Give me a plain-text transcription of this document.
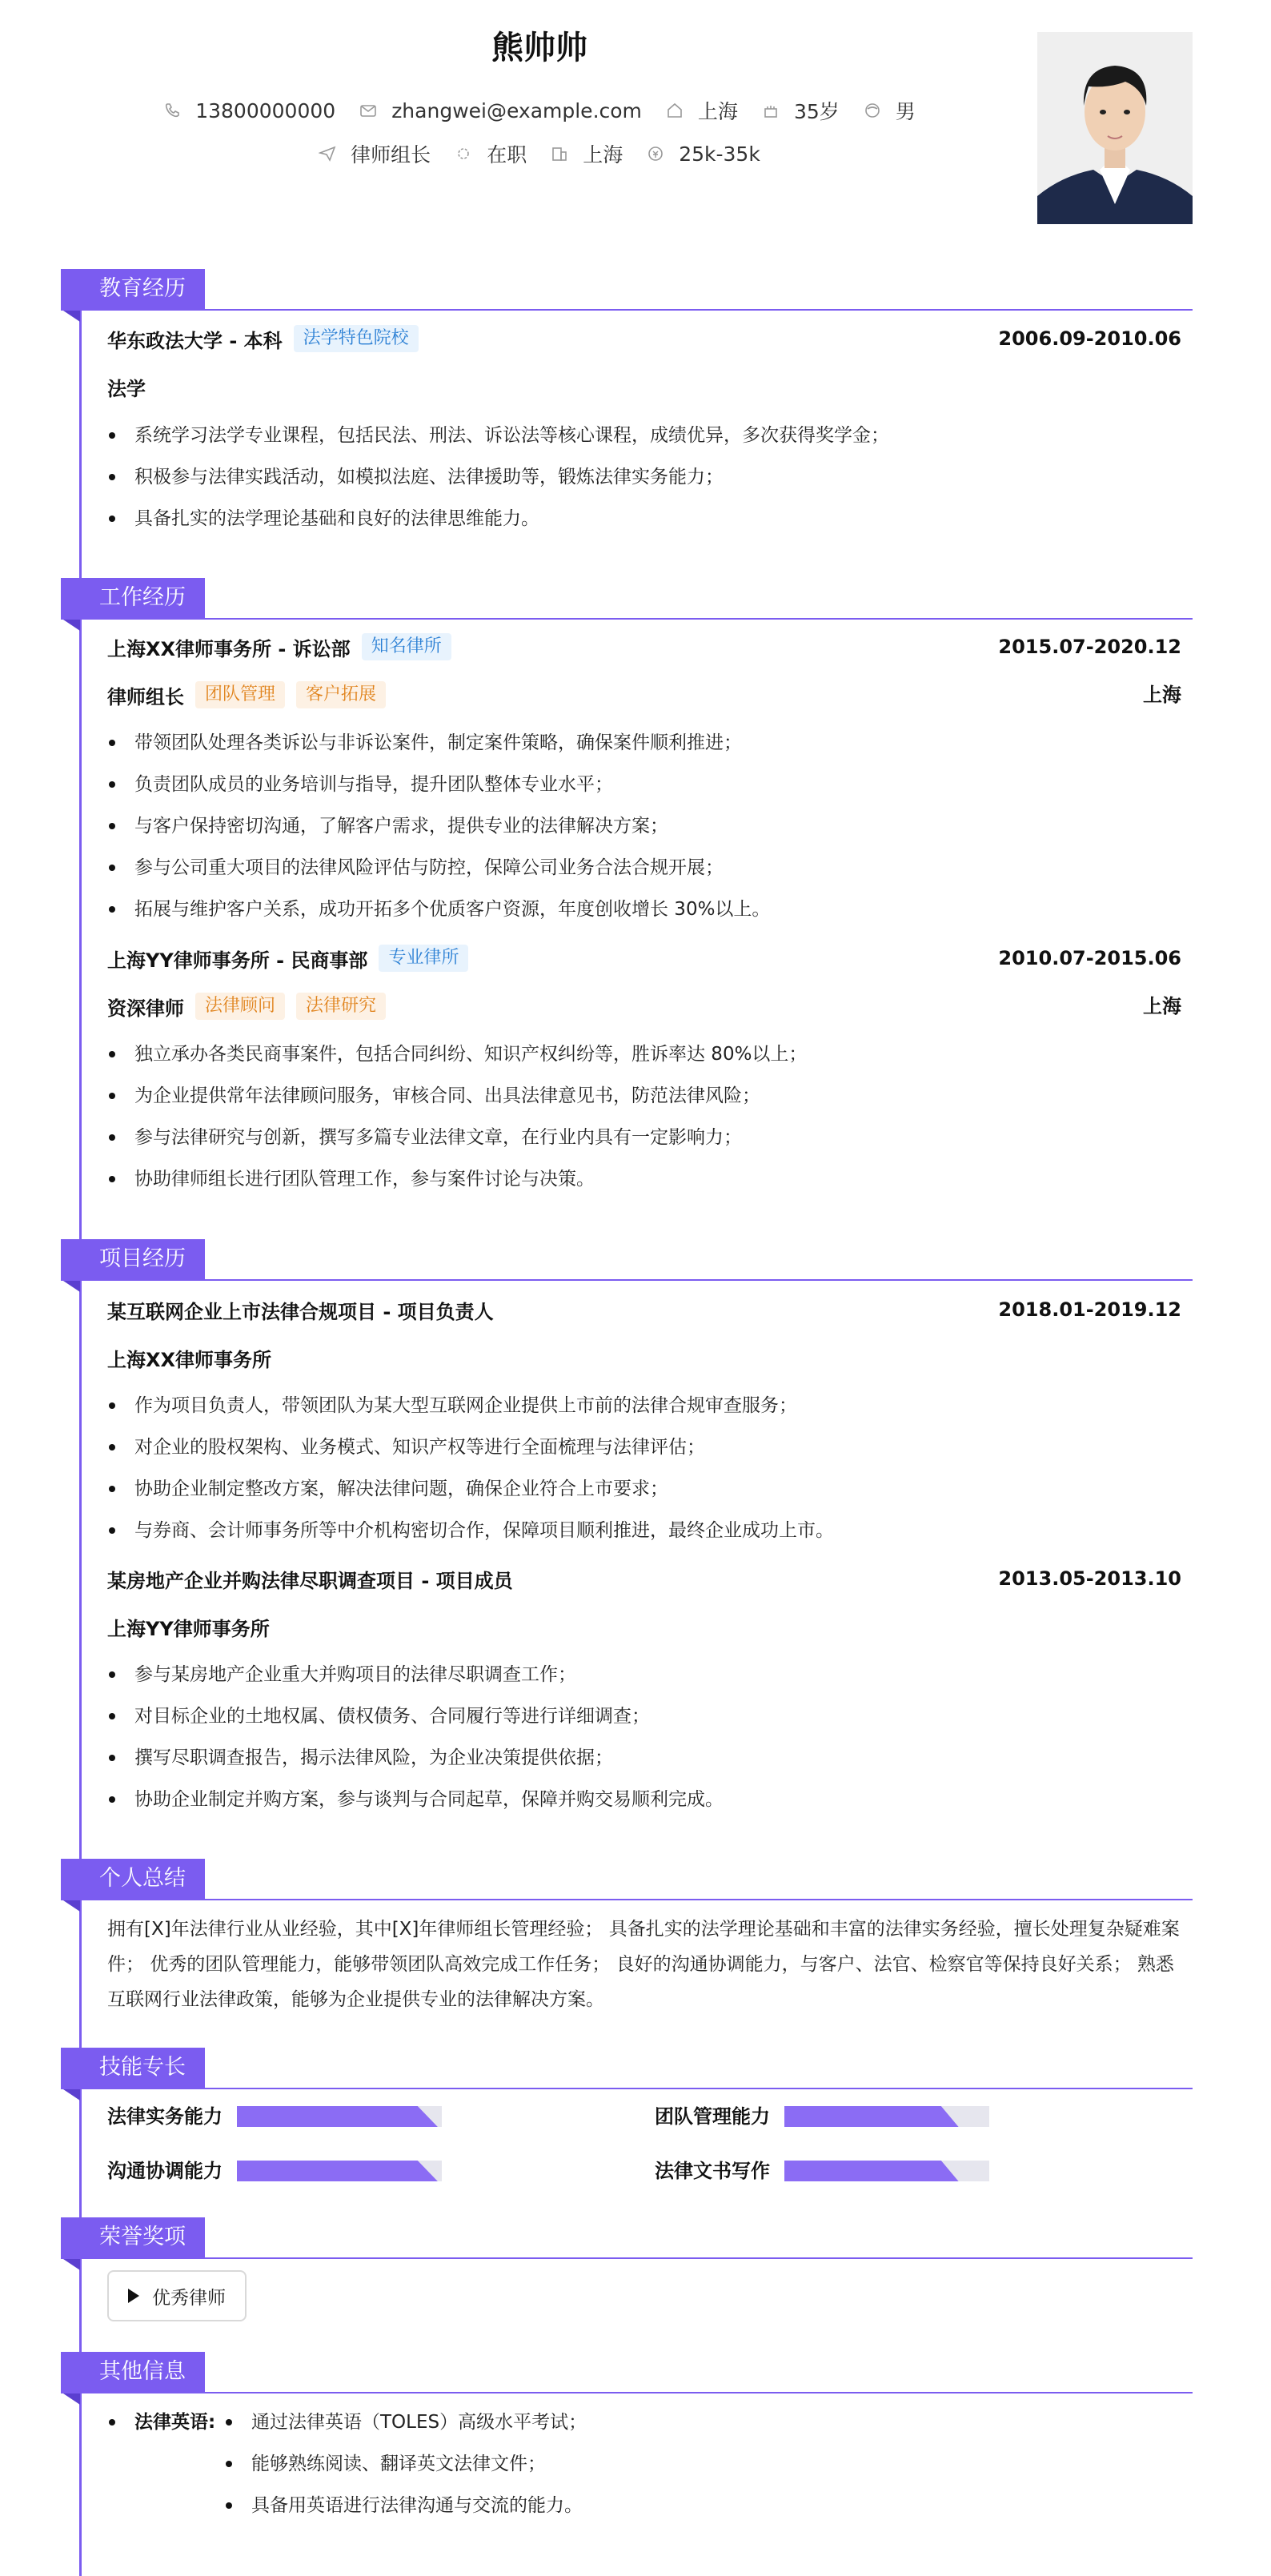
熊帅帅
13800000000	zhangwei@example.com	上海	35岁	男
律师组长	在职	上海	25k-35k
教育经历
华东政法大学 - 本科	法学特色院校	2006.09-2010.06
法学
系统学习法学专业课程，包括民法、刑法、诉讼法等核心课程，成绩优异，多次获得奖学金；
积极参与法律实践活动，如模拟法庭、法律援助等，锻炼法律实务能力；
具备扎实的法学理论基础和良好的法律思维能力。
工作经历
上海XX律师事务所 - 诉讼部	知名律所	2015.07-2020.12
律师组长	团队管理	客户拓展	上海
带领团队处理各类诉讼与非诉讼案件，制定案件策略，确保案件顺利推进；
负责团队成员的业务培训与指导，提升团队整体专业水平；
与客户保持密切沟通，了解客户需求，提供专业的法律解决方案；
参与公司重大项目的法律风险评估与防控，保障公司业务合法合规开展；
拓展与维护客户关系，成功开拓多个优质客户资源，年度创收增长 30%以上。
上海YY律师事务所 - 民商事部	专业律所	2010.07-2015.06
资深律师	法律顾问	法律研究	上海
独立承办各类民商事案件，包括合同纠纷、知识产权纠纷等，胜诉率达 80%以上；
为企业提供常年法律顾问服务，审核合同、出具法律意见书，防范法律风险；
参与法律研究与创新，撰写多篇专业法律文章，在行业内具有一定影响力；
协助律师组长进行团队管理工作，参与案件讨论与决策。
项目经历
某互联网企业上市法律合规项目 - 项目负责人	2018.01-2019.12
上海XX律师事务所
作为项目负责人，带领团队为某大型互联网企业提供上市前的法律合规审查服务；
对企业的股权架构、业务模式、知识产权等进行全面梳理与法律评估；
协助企业制定整改方案，解决法律问题，确保企业符合上市要求；
与券商、会计师事务所等中介机构密切合作，保障项目顺利推进，最终企业成功上市。
某房地产企业并购法律尽职调查项目 - 项目成员	2013.05-2013.10
上海YY律师事务所
参与某房地产企业重大并购项目的法律尽职调查工作；
对目标企业的土地权属、债权债务、合同履行等进行详细调查；
撰写尽职调查报告，揭示法律风险，为企业决策提供依据；
协助企业制定并购方案，参与谈判与合同起草，保障并购交易顺利完成。
个人总结
拥有[X]年法律行业从业经验，其中[X]年律师组长管理经验； 具备扎实的法学理论基础和丰富的法律实务经验，擅长处理复杂疑难案件； 优秀的团队管理能力，能够带领团队高效完成工作任务； 良好的沟通协调能力，与客户、法官、检察官等保持良好关系； 熟悉互联网行业法律政策，能够为企业提供专业的法律解决方案。
技能专长
法律实务能力	团队管理能力
沟通协调能力	法律文书写作
荣誉奖项
优秀律师
其他信息
法律英语:	通过法律英语（TOLES）高级水平考试；
能够熟练阅读、翻译英文法律文件；
具备用英语进行法律沟通与交流的能力。
